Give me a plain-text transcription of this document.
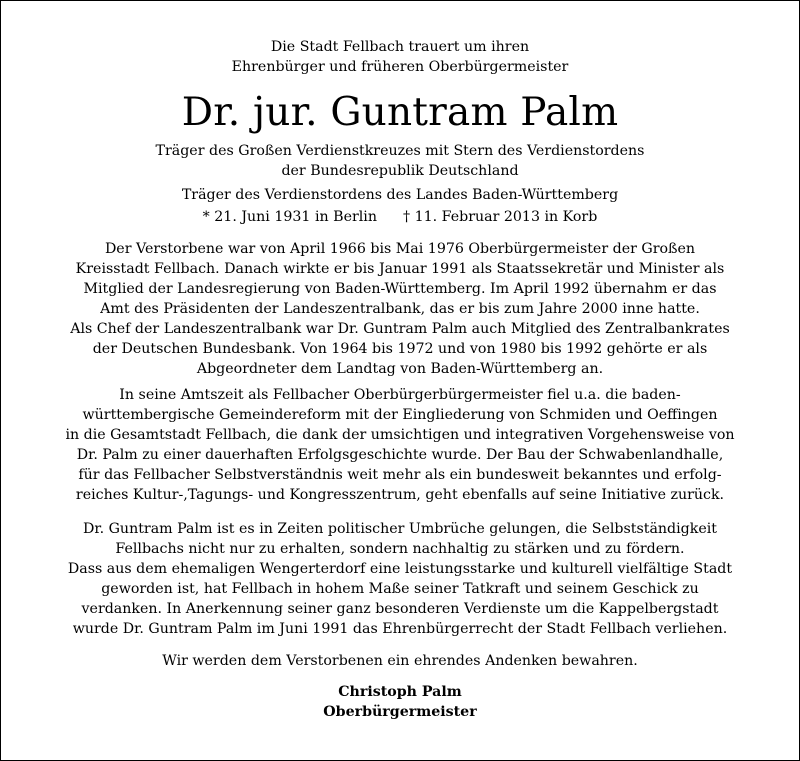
Die Stadt Fellbach trauert um ihren
Ehrenbürger und früheren Oberbürgermeister
Dr. jur. Guntram Palm
Träger des Großen Verdienstkreuzes mit Stern des Verdienstordens
der Bundesrepublik Deutschland
Träger des Verdienstordens des Landes Baden-Württemberg
* 21. Juni 1931 in Berlin † 11. Februar 2013 in Korb
Der Verstorbene war von April 1966 bis Mai 1976 Oberbürgermeister der Großen
Kreisstadt Fellbach. Danach wirkte er bis Januar 1991 als Staatssekretär und Minister als
Mitglied der Landesregierung von Baden-Württemberg. Im April 1992 übernahm er das
Amt des Präsidenten der Landeszentralbank, das er bis zum Jahre 2000 inne hatte.
Als Chef der Landeszentralbank war Dr. Guntram Palm auch Mitglied des Zentralbankrates
der Deutschen Bundesbank. Von 1964 bis 1972 und von 1980 bis 1992 gehörte er als
Abgeordneter dem Landtag von Baden-Württemberg an.
In seine Amtszeit als Fellbacher Oberbürgerbürgermeister fiel u.a. die baden-
württembergische Gemeindereform mit der Eingliederung von Schmiden und Oeffingen
in die Gesamtstadt Fellbach, die dank der umsichtigen und integrativen Vorgehensweise von
Dr. Palm zu einer dauerhaften Erfolgsgeschichte wurde. Der Bau der Schwabenlandhalle,
für das Fellbacher Selbstverständnis weit mehr als ein bundesweit bekanntes und erfolg-
reiches Kultur-,Tagungs- und Kongresszentrum, geht ebenfalls auf seine Initiative zurück.
Dr. Guntram Palm ist es in Zeiten politischer Umbrüche gelungen, die Selbstständigkeit
Fellbachs nicht nur zu erhalten, sondern nachhaltig zu stärken und zu fördern.
Dass aus dem ehemaligen Wengerterdorf eine leistungsstarke und kulturell vielfältige Stadt
geworden ist, hat Fellbach in hohem Maße seiner Tatkraft und seinem Geschick zu
verdanken. In Anerkennung seiner ganz besonderen Verdienste um die Kappelbergstadt
wurde Dr. Guntram Palm im Juni 1991 das Ehrenbürgerrecht der Stadt Fellbach verliehen.
Wir werden dem Verstorbenen ein ehrendes Andenken bewahren.
Christoph Palm
Oberbürgermeister
